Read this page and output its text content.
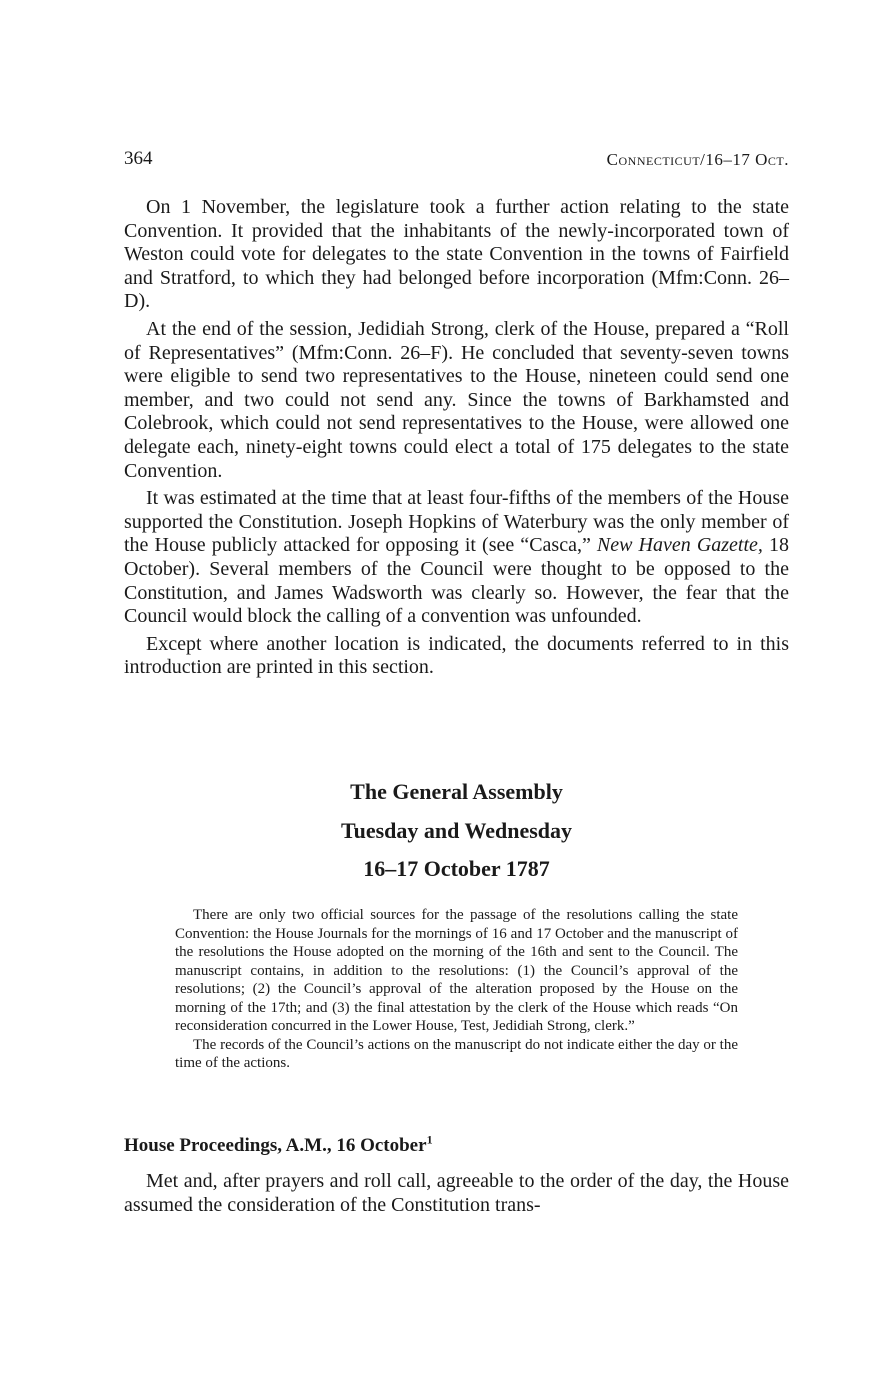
364	Connecticut/16–17 Oct.

On 1 November, the legislature took a further action relating to the state Convention. It provided that the inhabitants of the newly-incorporated town of Weston could vote for delegates to the state Convention in the towns of Fairfield and Stratford, to which they had belonged before incorporation (Mfm:Conn. 26–D).

At the end of the session, Jedidiah Strong, clerk of the House, prepared a “Roll of Representatives” (Mfm:Conn. 26–F). He concluded that seventy-seven towns were eligible to send two representatives to the House, nineteen could send one member, and two could not send any. Since the towns of Barkhamsted and Colebrook, which could not send representatives to the House, were allowed one delegate each, ninety-eight towns could elect a total of 175 delegates to the state Convention.

It was estimated at the time that at least four-fifths of the members of the House supported the Constitution. Joseph Hopkins of Waterbury was the only member of the House publicly attacked for opposing it (see “Casca,” New Haven Gazette, 18 October). Several members of the Council were thought to be opposed to the Constitution, and James Wadsworth was clearly so. However, the fear that the Council would block the calling of a convention was unfounded.

Except where another location is indicated, the documents referred to in this introduction are printed in this section.

The General Assembly
Tuesday and Wednesday
16–17 October 1787

There are only two official sources for the passage of the resolutions calling the state Convention: the House Journals for the mornings of 16 and 17 October and the manuscript of the resolutions the House adopted on the morning of the 16th and sent to the Council. The manuscript contains, in addition to the resolutions: (1) the Council’s approval of the resolutions; (2) the Council’s approval of the alteration proposed by the House on the morning of the 17th; and (3) the final attestation by the clerk of the House which reads “On reconsideration concurred in the Lower House, Test, Jedidiah Strong, clerk.”

The records of the Council’s actions on the manuscript do not indicate either the day or the time of the actions.

House Proceedings, A.M., 16 October$^1$

Met and, after prayers and roll call, agreeable to the order of the day, the House assumed the consideration of the Constitution trans-
